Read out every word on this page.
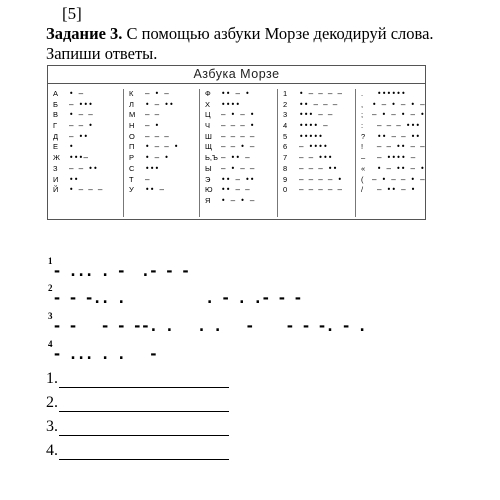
[5]
Задание 3. С помощью азбуки Морзе декодируй слова. Запиши ответы.
Азбука Морзе
А	• —
Б	— •••
В	• — —
Г	— — •
Д	— ••
Е	•
Ж	•••—
З	— — ••
И	••
Й	• — — —
К	— • —
Л	• — ••
М	— —
Н	— •
О	— — —
П	• — — •
Р	• — •
С	•••
Т	—
У	•• —
Ф	•• — •
Х	••••
Ц	— • — •
Ч	— — — •
Ш	— — — —
Щ	— — • —
Ь,Ъ — •• —
Ы	— • — —
Э	•• — ••
Ю	•• — —
Я	• — • —
1	• — — — —
2	•• — — —
3	••• — —
4	•••• —
5	•••••
6	— ••••
7	— — •••
8	— — — ••
9	— — — — •
0	— — — — —
.	••••••
,	• — • — • —
;	— • — • — •
:	— — — •••
?	•• — — ••
!	— — •• — —
–	— •••• —
«	• — •• — •
(	— • — — • —
/	— •• — •
$^1$- ... . -  .- - -
$^2$- - -.. .          . - . .- - -
$^3$- -   - - --. .   . .   -    - - -. - .
$^4$- ... . .   -
1.
2.
3.
4.
